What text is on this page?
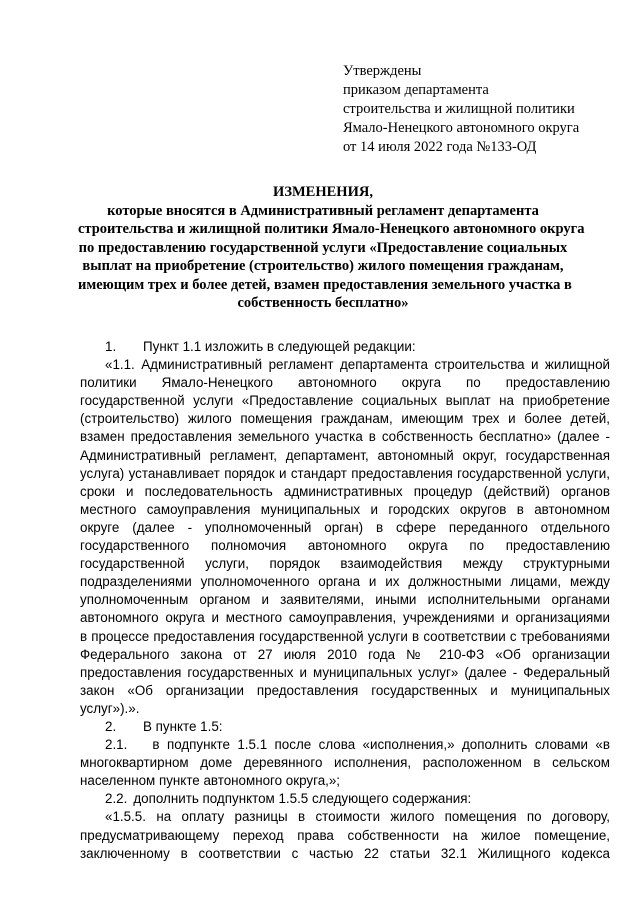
Утверждены
приказом департамента
строительства и жилищной политики
Ямало-Ненецкого автономного округа
от 14 июля 2022 года №133-ОД
ИЗМЕНЕНИЯ,
которые вносятся в Административный регламент департамента
строительства и жилищной политики Ямало-Ненецкого автономного округа
по предоставлению государственной услуги «Предоставление социальных
выплат на приобретение (строительство) жилого помещения гражданам,
имеющим трех и более детей, взамен предоставления земельного участка в
собственность бесплатно»
1. Пункт 1.1 изложить в следующей редакции:
«1.1. Административный регламент департамента строительства и жилищной
политики Ямало-Ненецкого автономного округа по предоставлению
государственной услуги «Предоставление социальных выплат на приобретение
(строительство) жилого помещения гражданам, имеющим трех и более детей,
взамен предоставления земельного участка в собственность бесплатно» (далее -
Административный регламент, департамент, автономный округ, государственная
услуга) устанавливает порядок и стандарт предоставления государственной услуги,
сроки и последовательность административных процедур (действий) органов
местного самоуправления муниципальных и городских округов в автономном
округе (далее - уполномоченный орган) в сфере переданного отдельного
государственного полномочия автономного округа по предоставлению
государственной услуги, порядок взаимодействия между структурными
подразделениями уполномоченного органа и их должностными лицами, между
уполномоченным органом и заявителями, иными исполнительными органами
автономного округа и местного самоуправления, учреждениями и организациями
в процессе предоставления государственной услуги в соответствии с требованиями
Федерального закона от 27 июля 2010 года № 210-ФЗ «Об организации
предоставления государственных и муниципальных услуг» (далее - Федеральный
закон «Об организации предоставления государственных и муниципальных
услуг»).».
2. В пункте 1.5:
2.1. в подпункте 1.5.1 после слова «исполнения,» дополнить словами «в
многоквартирном доме деревянного исполнения, расположенном в сельском
населенном пункте автономного округа,»;
2.2. дополнить подпунктом 1.5.5 следующего содержания:
«1.5.5. на оплату разницы в стоимости жилого помещения по договору,
предусматривающему переход права собственности на жилое помещение,
заключенному в соответствии с частью 22 статьи 32.1 Жилищного кодекса
